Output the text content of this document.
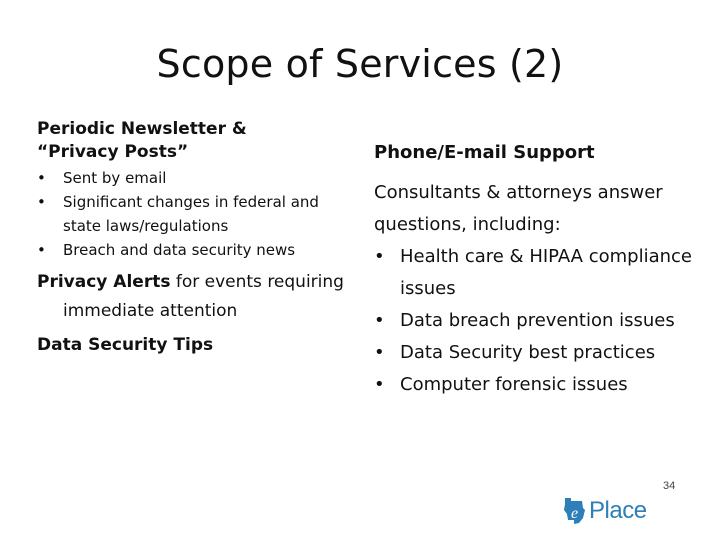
Scope of Services (2)
Periodic Newsletter &
“Privacy Posts”
• Sent by email
• Significant changes in federal and state laws/regulations
• Breach and data security news
Privacy Alerts for events requiring immediate attention
Data Security Tips
Phone/E-mail Support
Consultants & attorneys answer questions, including:
• Health care & HIPAA compliance issues
• Data breach prevention issues
• Data Security best practices
• Computer forensic issues
e Place
34
